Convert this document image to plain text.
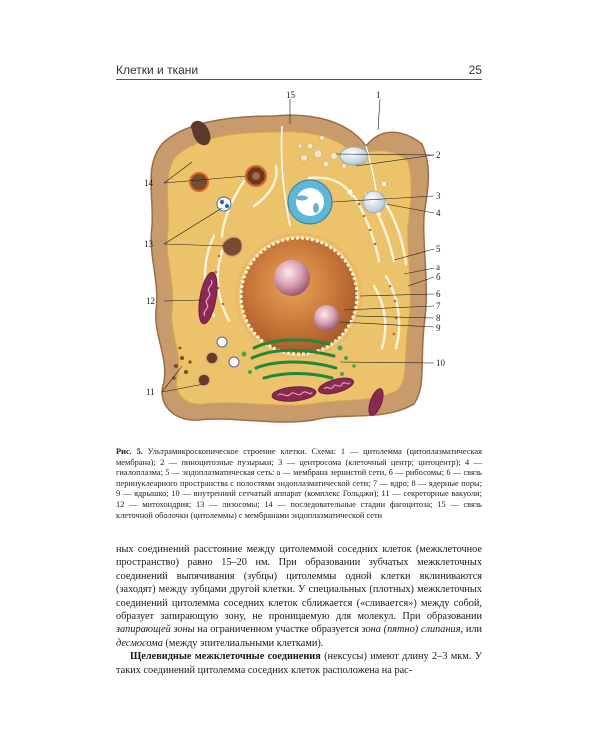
Клетки и ткани	25
15	1
2
3
4
5
а
б
6
7
8
9
10
14
13
12
11
Рис. 5. Ультрамикроскопическое строение клетки. Схема: 1 — цитолемма (цитоплазматическая мембрана); 2 — пиноцитозные пузырьки; 3 — центросома (клеточный центр; цитоцентр); 4 — гиалоплазма; 5 — эндоплазматическая сеть: а — мембрана зернистой сети, б — рибосомы; 6 — связь перинуклеарного пространства с полостями эндоплазматической сети; 7 — ядро; 8 — ядерные поры; 9 — ядрышко; 10 — внутренний сетчатый аппарат (комплекс Гольджи); 11 — секреторные вакуоли; 12 — митохондрия; 13 — лизосомы; 14 — последовательные стадии фагоцитоза; 15 — связь клеточной оболочки (цитолеммы) с мембранами эндоплазматической сети

ных соединений расстояние между цитолеммой соседних клеток (межклеточное пространство) равно 15–20 нм. При образовании зубчатых межклеточных соединений выпячивания (зубцы) цитолеммы одной клетки вклиниваются (заходят) между зубцами другой клетки. У специальных (плотных) межклеточных соединений цитолемма соседних клеток сближается («сливается») между собой, образует запирающую зону, не проницаемую для молекул. При образовании запирающей зоны на ограниченном участке образуется зона (пятно) слипания, или десмосома (между эпителиальными клетками).

Щелевидные межклеточные соединения (нексусы) имеют длину 2–3 мкм. У таких соединений цитолемма соседних клеток расположена на рас-
